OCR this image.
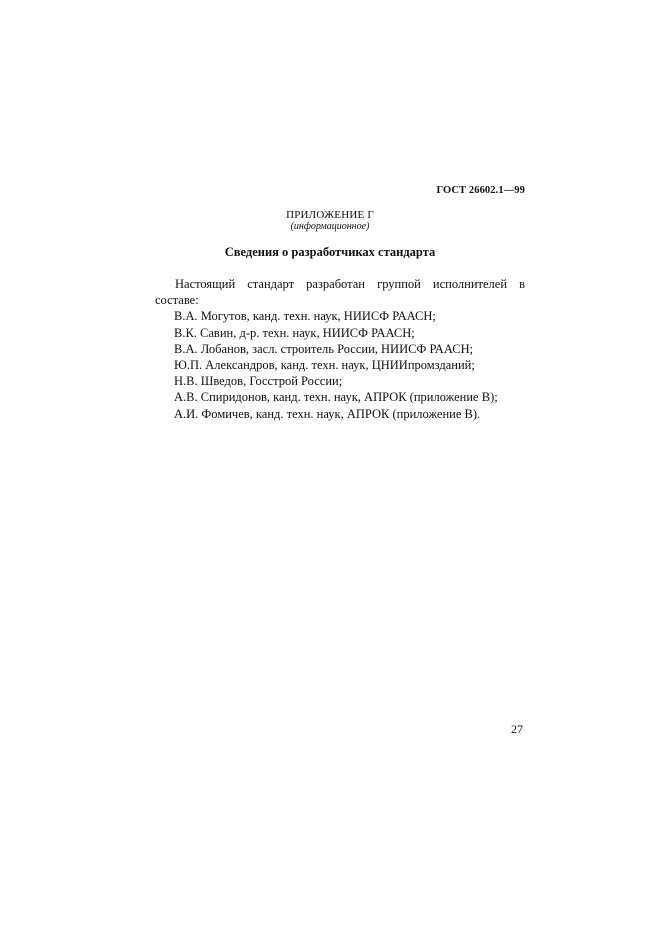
ГОСТ 26602.1—99
ПРИЛОЖЕНИЕ Г
(информационное)
Сведения о разработчиках стандарта

Настоящий стандарт разработан группой исполнителей в составе:

В.А. Могутов, канд. техн. наук, НИИСФ РААСН;
В.К. Савин, д-р. техн. наук, НИИСФ РААСН;
В.А. Лобанов, засл. строитель России, НИИСФ РААСН;
Ю.П. Александров, канд. техн. наук, ЦНИИпромзданий;
Н.В. Шведов, Госстрой России;
А.В. Спиридонов, канд. техн. наук, АПРОК (приложение В);
А.И. Фомичев, канд. техн. наук, АПРОК (приложение В).
27
